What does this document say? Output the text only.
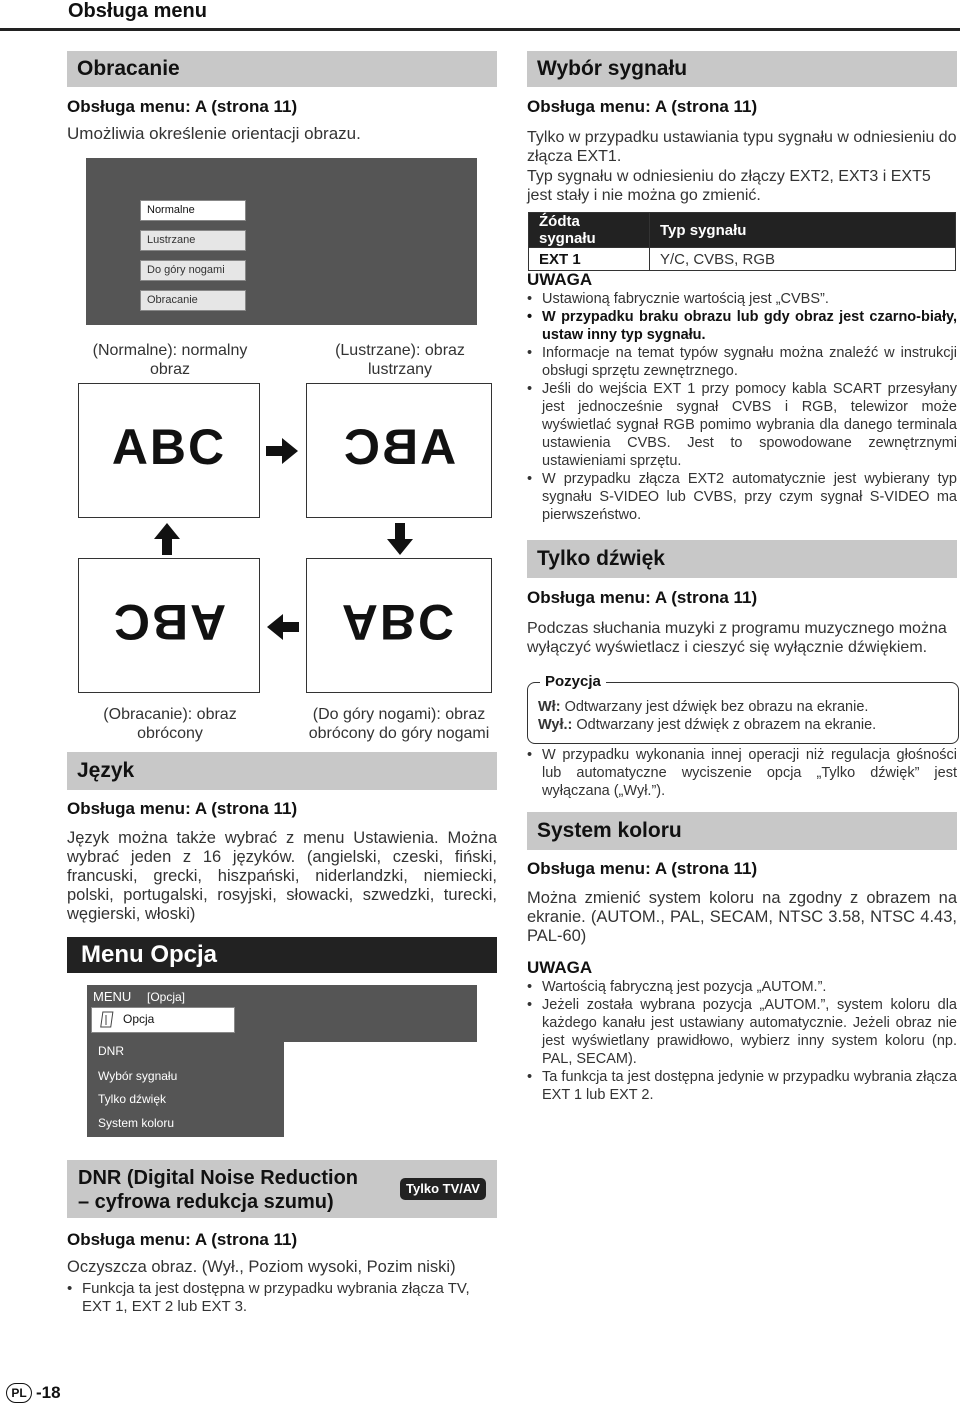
Obsługa menu
Obracanie
Obsługa menu: A (strona 11)
Umożliwia określenie orientacji obrazu.
Normalne
Lustrzane
Do góry nogami
Obracanie
(Normalne): normalny obraz
(Lustrzane): obraz lustrzany
ABC	ABC
ABC	ABC
(Obracanie): obraz obrócony
(Do góry nogami): obraz obrócony do góry nogami
Język
Obsługa menu: A (strona 11)
Język można także wybrać z menu Ustawienia. Można wybrać jeden z 16 języków. (angielski, czeski, fiński, francuski, grecki, hiszpański, niderlandzki, niemiecki, polski, portugalski, rosyjski, słowacki, szwedzki, turecki, węgierski, włoski)
Menu Opcja
MENU [Opcja]
Opcja
DNR
Wybór sygnału
Tylko dźwięk
System koloru
DNR (Digital Noise Reduction
– cyfrowa redukcja szumu)
Tylko TV/AV
Obsługa menu: A (strona 11)
Oczyszcza obraz. (Wył., Poziom wysoki, Pozim niski)
• Funkcja ta jest dostępna w przypadku wybrania złącza TV, EXT 1, EXT 2 lub EXT 3.
PL -18
Wybór sygnału
Obsługa menu: A (strona 11)
Tylko w przypadku ustawiania typu sygnału w odniesieniu do złącza EXT1.
Typ sygnału w odniesieniu do złączy EXT2, EXT3 i EXT5 jest stały i nie można go zmienić.
Źódta sygnału	Typ sygnału
EXT 1	Y/C, CVBS, RGB
UWAGA
• Ustawioną fabrycznie wartością jest „CVBS”.
• W przypadku braku obrazu lub gdy obraz jest czarno-biały, ustaw inny typ sygnału.
• Informacje na temat typów sygnału można znaleźć w instrukcji obsługi sprzętu zewnętrznego.
• Jeśli do wejścia EXT 1 przy pomocy kabla SCART przesyłany jest jednocześnie sygnał CVBS i RGB, telewizor może wyświetlać sygnał RGB pomimo wybrania dla danego terminala ustawienia CVBS. Jest to spowodowane zewnętrznymi ustawieniami sprzętu.
• W przypadku złącza EXT2 automatycznie jest wybierany typ sygnału S-VIDEO lub CVBS, przy czym sygnał S-VIDEO ma pierwszeństwo.
Tylko dźwięk
Obsługa menu: A (strona 11)
Podczas słuchania muzyki z programu muzycznego można wyłączyć wyświetlacz i cieszyć się wyłącznie dźwiękiem.
Pozycja
Wł: Odtwarzany jest dźwięk bez obrazu na ekranie.
Wył.: Odtwarzany jest dźwięk z obrazem na ekranie.
• W przypadku wykonania innej operacji niż regulacja głośności lub automatyczne wyciszenie opcja „Tylko dźwięk” jest wyłączana („Wył.”).
System koloru
Obsługa menu: A (strona 11)
Można zmienić system koloru na zgodny z obrazem na ekranie. (AUTOM., PAL, SECAM, NTSC 3.58, NTSC 4.43, PAL-60)
UWAGA
• Wartością fabryczną jest pozycja „AUTOM.”.
• Jeżeli została wybrana pozycja „AUTOM.”, system koloru dla każdego kanału jest ustawiany automatycznie. Jeżeli obraz nie jest wyświetlany prawidłowo, wybierz inny system koloru (np. PAL, SECAM).
• Ta funkcja ta jest dostępna jedynie w przypadku wybrania złącza EXT 1 lub EXT 2.
